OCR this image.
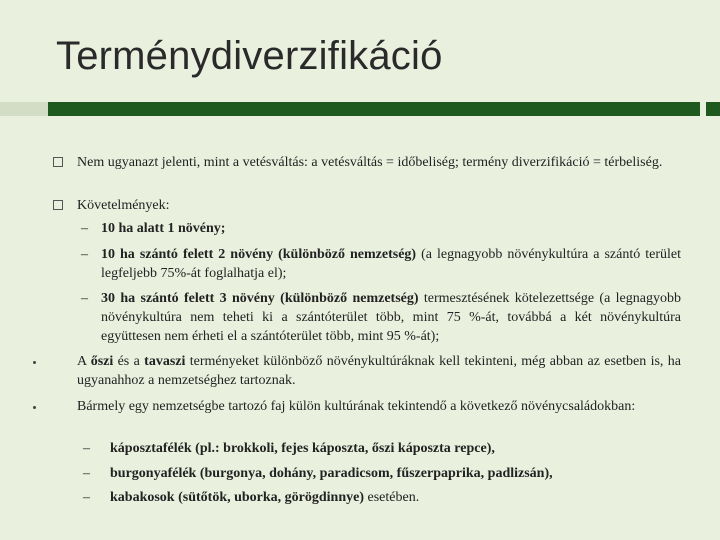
Terménydiverzifikáció
Nem ugyanazt jelenti, mint a vetésváltás: a vetésváltás = időbeliség; termény diverzifikáció = térbeliség.
Követelmények:
– 10 ha alatt 1 növény;
– 10 ha szántó felett 2 növény (különböző nemzetség) (a legnagyobb növénykultúra a szántó terület legfeljebb 75%-át foglalhatja el);
– 30 ha szántó felett 3 növény (különböző nemzetség) termesztésének kötelezettsége (a legnagyobb növénykultúra nem teheti ki a szántóterület több, mint 75 %-át, továbbá a két növénykultúra együttesen nem érheti el a szántóterület több, mint 95 %-át);
A őszi és a tavaszi terményeket különböző növénykultúráknak kell tekinteni, még abban az esetben is, ha ugyanahhoz a nemzetséghez tartoznak.
Bármely egy nemzetségbe tartozó faj külön kultúrának tekintendő a következő növénycsaládokban:
– káposztafélék (pl.: brokkoli, fejes káposzta, őszi káposzta repce),
– burgonyafélék (burgonya, dohány, paradicsom, fűszerpaprika, padlizsán),
– kabakosok (sütőtök, uborka, görögdinnye) esetében.
